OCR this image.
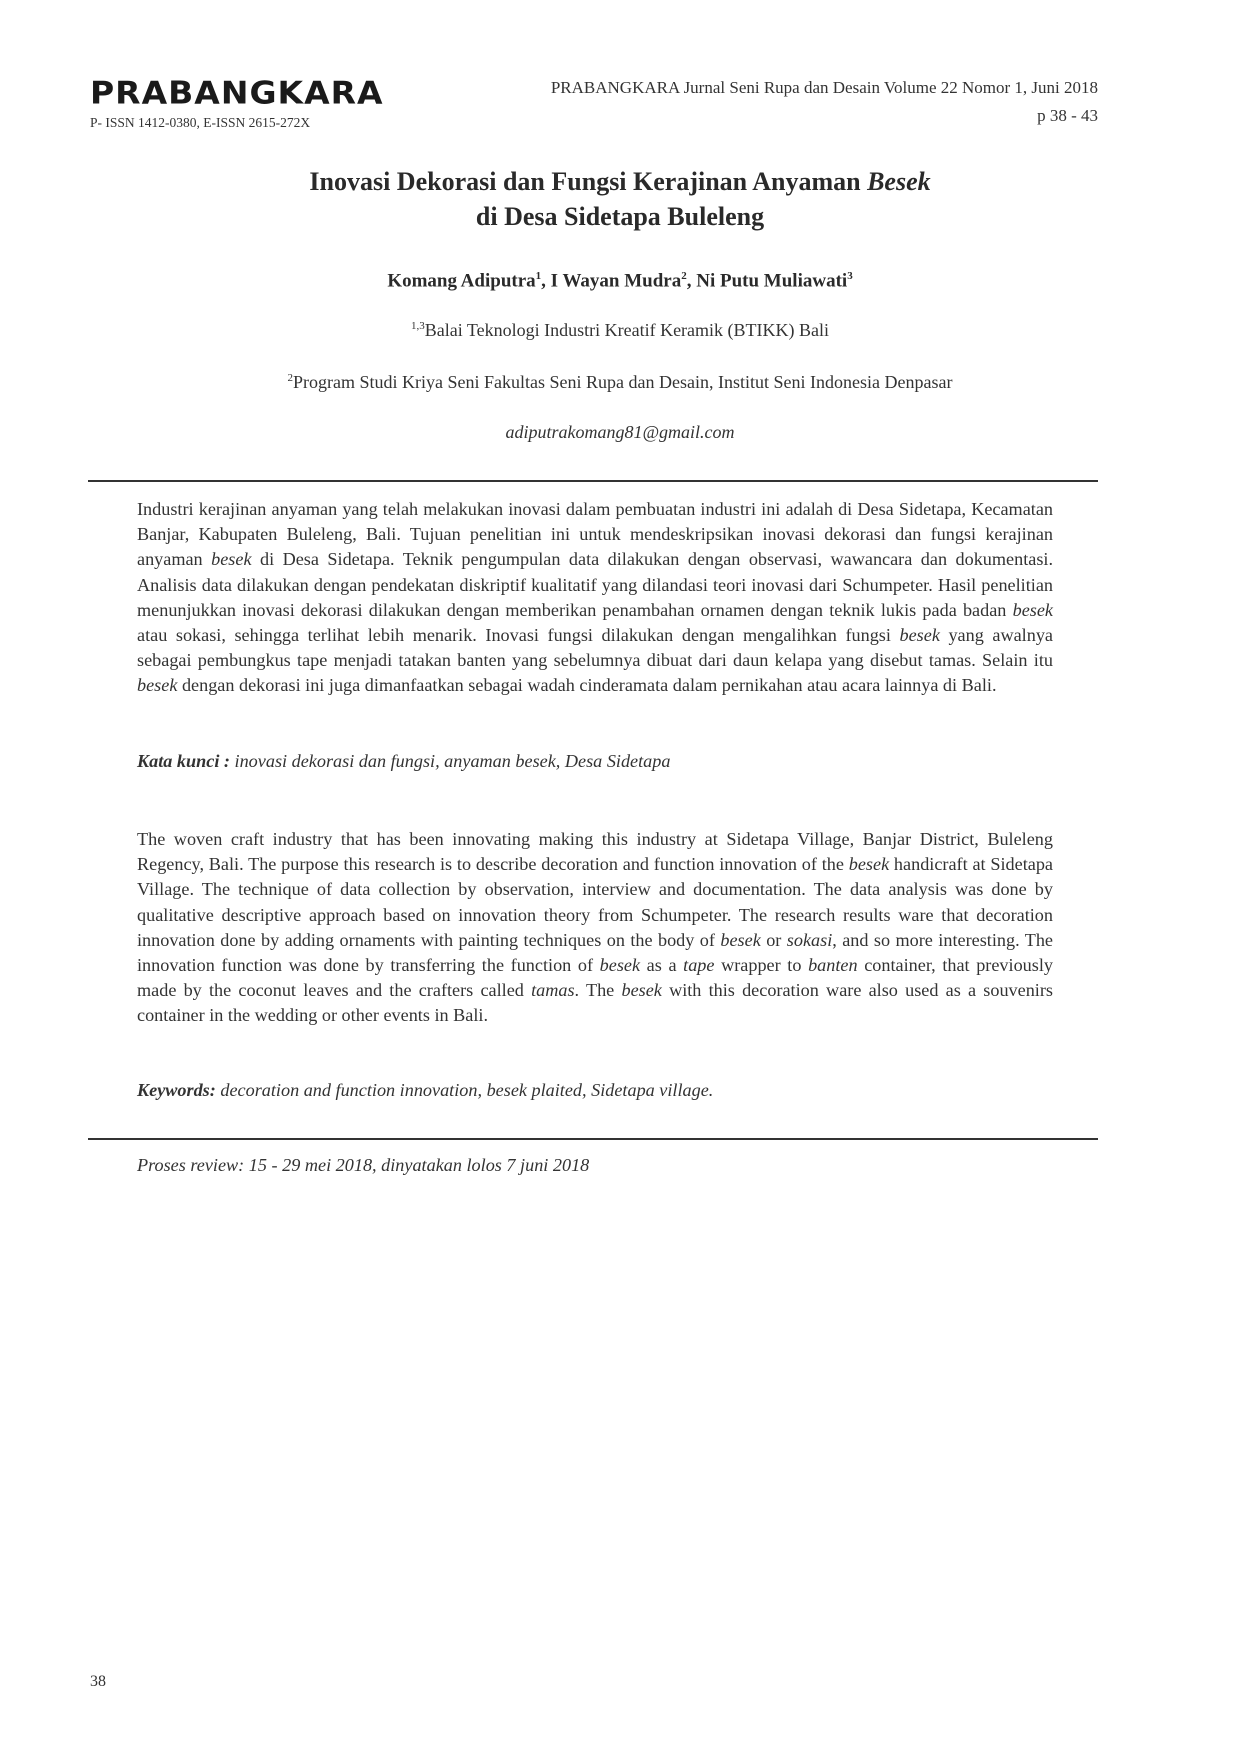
PRABANGKARA
P- ISSN 1412-0380, E-ISSN 2615-272X
PRABANGKARA Jurnal Seni Rupa dan Desain Volume 22 Nomor 1, Juni 2018
p 38 - 43
Inovasi Dekorasi dan Fungsi Kerajinan Anyaman Besek
di Desa Sidetapa Buleleng
Komang Adiputra$^1$, I Wayan Mudra$^2$, Ni Putu Muliawati$^3$
$^{1,3}$Balai Teknologi Industri Kreatif Keramik (BTIKK) Bali
$^2$Program Studi Kriya Seni Fakultas Seni Rupa dan Desain, Institut Seni Indonesia Denpasar
adiputrakomang81@gmail.com
Industri kerajinan anyaman yang telah melakukan inovasi dalam pembuatan industri ini adalah di Desa Sidetapa, Kecamatan Banjar, Kabupaten Buleleng, Bali. Tujuan penelitian ini untuk mendeskripsikan inovasi dekorasi dan fungsi kerajinan anyaman besek di Desa Sidetapa. Teknik pengumpulan data dilakukan dengan observasi, wawancara dan dokumentasi. Analisis data dilakukan dengan pendekatan diskriptif kualitatif yang dilandasi teori inovasi dari Schumpeter. Hasil penelitian menunjukkan inovasi dekorasi dilakukan dengan memberikan penambahan ornamen dengan teknik lukis pada badan besek atau sokasi, sehingga terlihat lebih menarik. Inovasi fungsi dilakukan dengan mengalihkan fungsi besek yang awalnya sebagai pembungkus tape menjadi tatakan banten yang sebelumnya dibuat dari daun kelapa yang disebut tamas. Selain itu besek dengan dekorasi ini juga dimanfaatkan sebagai wadah cinderamata dalam pernikahan atau acara lainnya di Bali.
Kata kunci : inovasi dekorasi dan fungsi, anyaman besek, Desa Sidetapa
The woven craft industry that has been innovating making this industry at Sidetapa Village, Banjar District, Buleleng Regency, Bali. The purpose this research is to describe decoration and function innovation of the besek handicraft at Sidetapa Village. The technique of data collection by observation, interview and documentation. The data analysis was done by qualitative descriptive approach based on innovation theory from Schumpeter. The research results ware that decoration innovation done by adding ornaments with painting techniques on the body of besek or sokasi, and so more interesting. The innovation function was done by transferring the function of besek as a tape wrapper to banten container, that previously made by the coconut leaves and the crafters called tamas. The besek with this decoration ware also used as a souvenirs container in the wedding or other events in Bali.
Keywords: decoration and function innovation, besek plaited, Sidetapa village.
Proses review: 15 - 29 mei 2018, dinyatakan lolos 7 juni 2018
38
